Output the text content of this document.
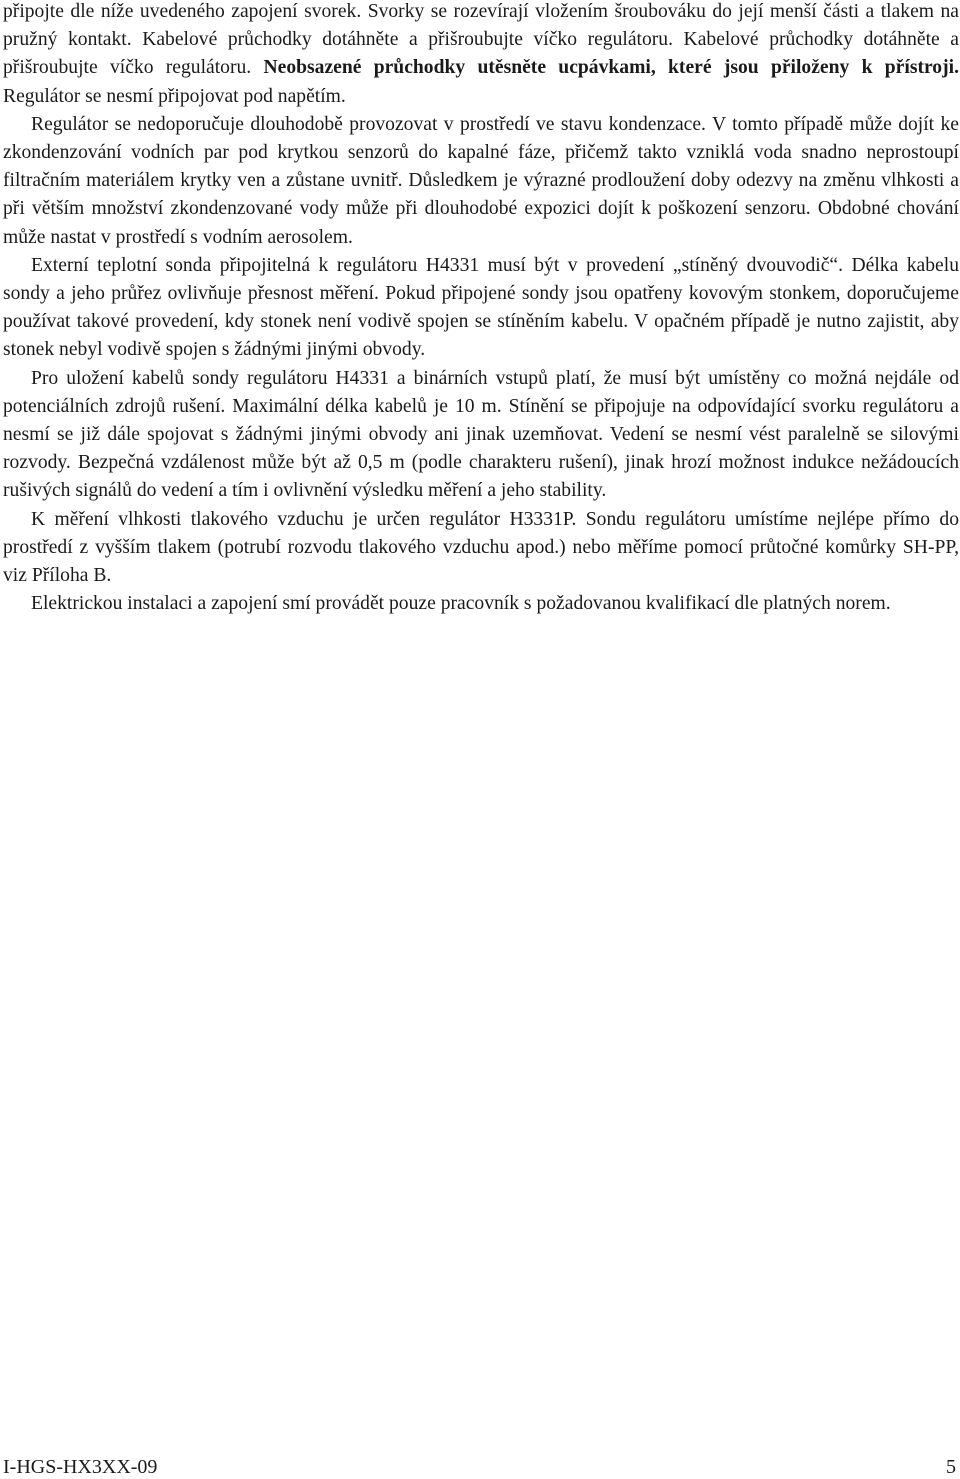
připojte dle níže uvedeného zapojení svorek. Svorky se rozevírají vložením šroubováku do její menší části a tlakem na pružný kontakt. Kabelové průchodky dotáhněte a přišroubujte víčko regulátoru. Kabelové průchodky dotáhněte a přišroubujte víčko regulátoru. Neobsazené průchodky utěsněte ucpávkami, které jsou přiloženy k přístroji. Regulátor se nesmí připojovat pod napětím.

Regulátor se nedoporučuje dlouhodobě provozovat v prostředí ve stavu kondenzace. V tomto případě může dojít ke zkondenzování vodních par pod krytkou senzorů do kapalné fáze, přičemž takto vzniklá voda snadno neprostoupí filtračním materiálem krytky ven a zůstane uvnitř. Důsledkem je výrazné prodloužení doby odezvy na změnu vlhkosti a při větším množství zkondenzované vody může při dlouhodobé expozici dojít k poškození senzoru. Obdobné chování může nastat v prostředí s vodním aerosolem.

Externí teplotní sonda připojitelná k regulátoru H4331 musí být v provedení „stíněný dvouvodič“. Délka kabelu sondy a jeho průřez ovlivňuje přesnost měření. Pokud připojené sondy jsou opatřeny kovovým stonkem, doporučujeme používat takové provedení, kdy stonek není vodivě spojen se stíněním kabelu. V opačném případě je nutno zajistit, aby stonek nebyl vodivě spojen s žádnými jinými obvody.

Pro uložení kabelů sondy regulátoru H4331 a binárních vstupů platí, že musí být umístěny co možná nejdále od potenciálních zdrojů rušení. Maximální délka kabelů je 10 m. Stínění se připojuje na odpovídající svorku regulátoru a nesmí se již dále spojovat s žádnými jinými obvody ani jinak uzemňovat. Vedení se nesmí vést paralelně se silovými rozvody. Bezpečná vzdálenost může být až 0,5 m (podle charakteru rušení), jinak hrozí možnost indukce nežádoucích rušivých signálů do vedení a tím i ovlivnění výsledku měření a jeho stability.

K měření vlhkosti tlakového vzduchu je určen regulátor H3331P. Sondu regulátoru umístíme nejlépe přímo do prostředí z vyšším tlakem (potrubí rozvodu tlakového vzduchu apod.) nebo měříme pomocí průtočné komůrky SH-PP, viz Příloha B.

Elektrickou instalaci a zapojení smí provádět pouze pracovník s požadovanou kvalifikací dle platných norem.

I-HGS-HX3XX-09	5
